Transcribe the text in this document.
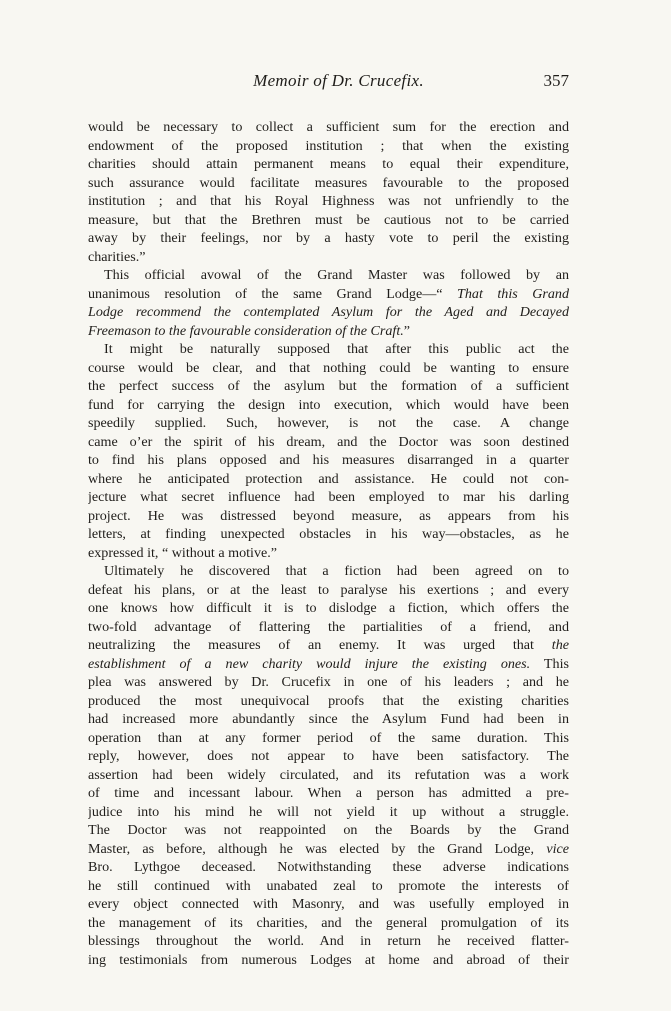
Memoir of Dr. Crucefix.	357
would be necessary to collect a sufficient sum for the erection and
endowment of the proposed institution ; that when the existing
charities should attain permanent means to equal their expenditure,
such assurance would facilitate measures favourable to the proposed
institution ; and that his Royal Highness was not unfriendly to the
measure, but that the Brethren must be cautious not to be carried
away by their feelings, nor by a hasty vote to peril the existing
charities.”
This official avowal of the Grand Master was followed by an
unanimous resolution of the same Grand Lodge—“ That this Grand
Lodge recommend the contemplated Asylum for the Aged and Decayed
Freemason to the favourable consideration of the Craft.”
It might be naturally supposed that after this public act the
course would be clear, and that nothing could be wanting to ensure
the perfect success of the asylum but the formation of a sufficient
fund for carrying the design into execution, which would have been
speedily supplied. Such, however, is not the case. A change
came o’er the spirit of his dream, and the Doctor was soon destined
to find his plans opposed and his measures disarranged in a quarter
where he anticipated protection and assistance. He could not con-
jecture what secret influence had been employed to mar his darling
project. He was distressed beyond measure, as appears from his
letters, at finding unexpected obstacles in his way—obstacles, as he
expressed it, “ without a motive.”
Ultimately he discovered that a fiction had been agreed on to
defeat his plans, or at the least to paralyse his exertions ; and every
one knows how difficult it is to dislodge a fiction, which offers the
two-fold advantage of flattering the partialities of a friend, and
neutralizing the measures of an enemy. It was urged that the
establishment of a new charity would injure the existing ones. This
plea was answered by Dr. Crucefix in one of his leaders ; and he
produced the most unequivocal proofs that the existing charities
had increased more abundantly since the Asylum Fund had been in
operation than at any former period of the same duration. This
reply, however, does not appear to have been satisfactory. The
assertion had been widely circulated, and its refutation was a work
of time and incessant labour. When a person has admitted a pre-
judice into his mind he will not yield it up without a struggle.
The Doctor was not reappointed on the Boards by the Grand
Master, as before, although he was elected by the Grand Lodge, vice
Bro. Lythgoe deceased. Notwithstanding these adverse indications
he still continued with unabated zeal to promote the interests of
every object connected with Masonry, and was usefully employed in
the management of its charities, and the general promulgation of its
blessings throughout the world. And in return he received flatter-
ing testimonials from numerous Lodges at home and abroad of their
